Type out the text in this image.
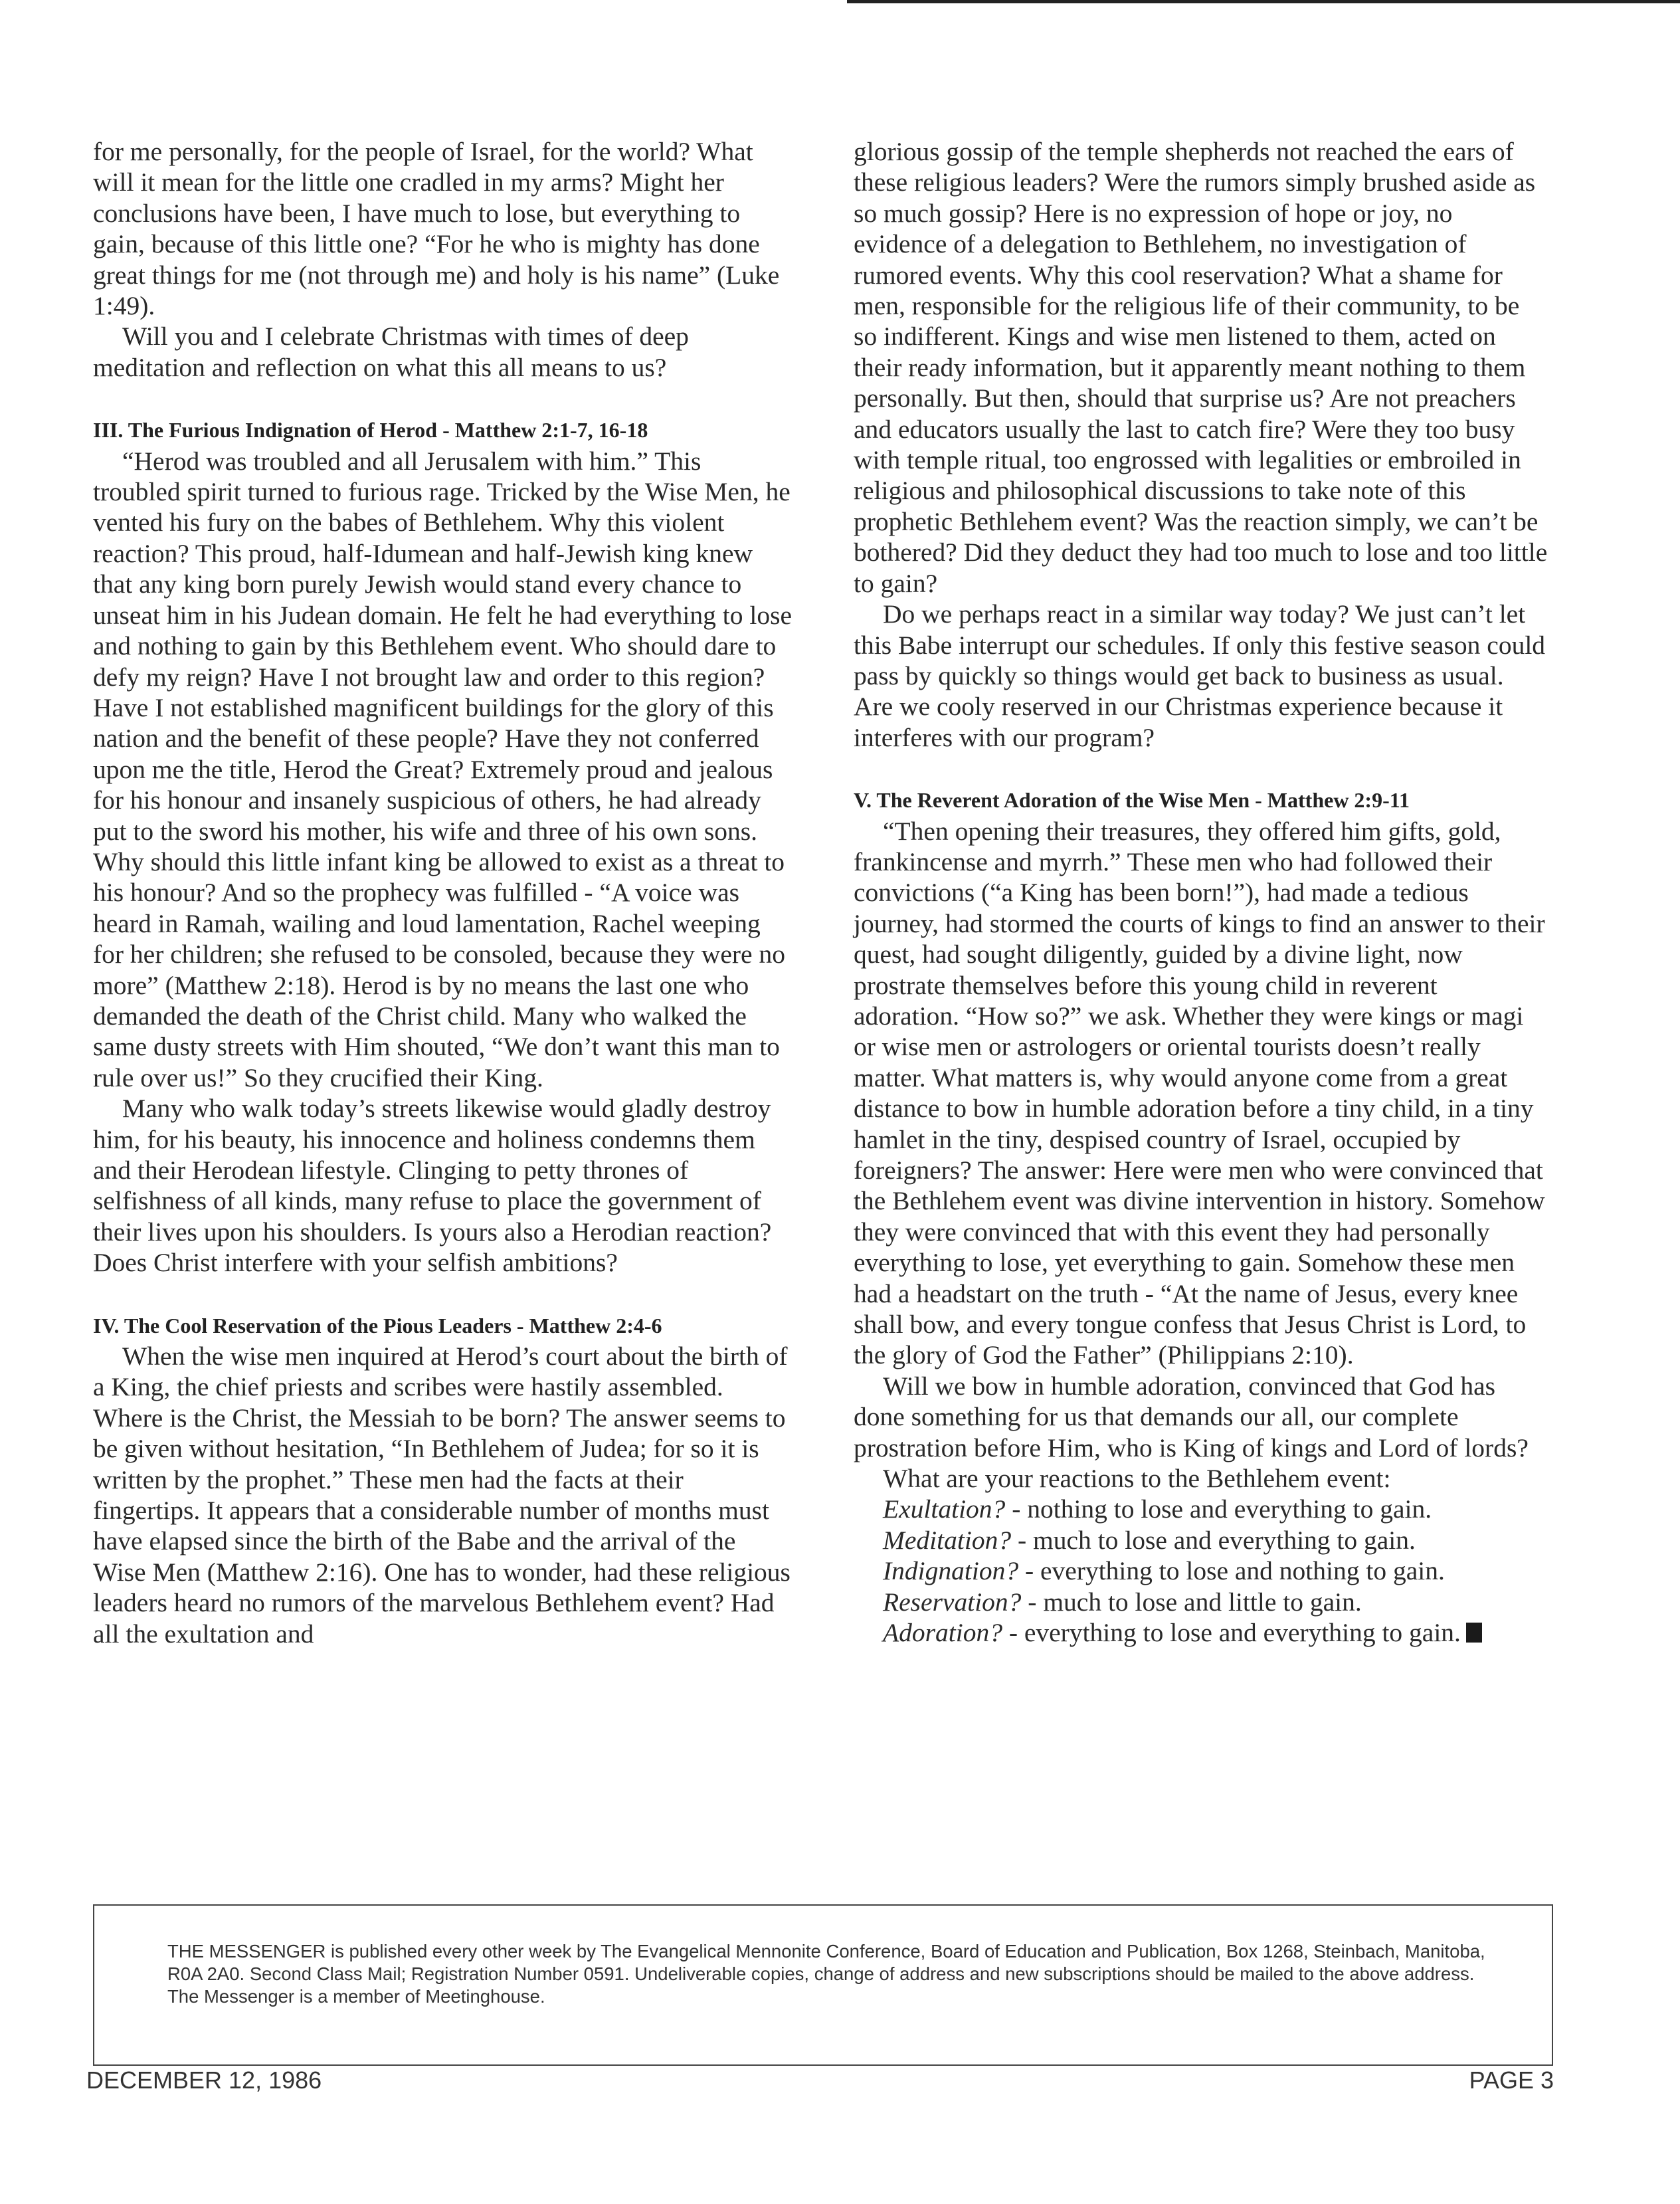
for me personally, for the people of Israel, for the world? What will it mean for the little one cradled in my arms? Might her conclusions have been, I have much to lose, but everything to gain, because of this little one? “For he who is mighty has done great things for me (not through me) and holy is his name” (Luke 1:49).

Will you and I celebrate Christmas with times of deep meditation and reflection on what this all means to us?

III. The Furious Indignation of Herod - Matthew 2:1-7, 16-18

“Herod was troubled and all Jerusalem with him.” This troubled spirit turned to furious rage. Tricked by the Wise Men, he vented his fury on the babes of Bethlehem. Why this violent reaction? This proud, half-Idumean and half-Jewish king knew that any king born purely Jewish would stand every chance to unseat him in his Judean domain. He felt he had everything to lose and nothing to gain by this Bethlehem event. Who should dare to defy my reign? Have I not brought law and order to this region? Have I not established magnificent buildings for the glory of this nation and the benefit of these people? Have they not conferred upon me the title, Herod the Great? Extremely proud and jealous for his honour and insanely suspicious of others, he had already put to the sword his mother, his wife and three of his own sons. Why should this little infant king be allowed to exist as a threat to his honour? And so the prophecy was fulfilled - “A voice was heard in Ramah, wailing and loud lamentation, Rachel weeping for her children; she refused to be consoled, because they were no more” (Matthew 2:18). Herod is by no means the last one who demanded the death of the Christ child. Many who walked the same dusty streets with Him shouted, “We don’t want this man to rule over us!” So they crucified their King.

Many who walk today’s streets likewise would gladly destroy him, for his beauty, his innocence and holiness condemns them and their Herodean lifestyle. Clinging to petty thrones of selfishness of all kinds, many refuse to place the government of their lives upon his shoulders. Is yours also a Herodian reaction? Does Christ interfere with your selfish ambitions?

IV. The Cool Reservation of the Pious Leaders - Matthew 2:4-6

When the wise men inquired at Herod’s court about the birth of a King, the chief priests and scribes were hastily assembled. Where is the Christ, the Messiah to be born? The answer seems to be given without hesitation, “In Bethlehem of Judea; for so it is written by the prophet.” These men had the facts at their fingertips. It appears that a considerable number of months must have elapsed since the birth of the Babe and the arrival of the Wise Men (Matthew 2:16). One has to wonder, had these religious leaders heard no rumors of the marvelous Bethlehem event? Had all the exultation and

glorious gossip of the temple shepherds not reached the ears of these religious leaders? Were the rumors simply brushed aside as so much gossip? Here is no expression of hope or joy, no evidence of a delegation to Bethlehem, no investigation of rumored events. Why this cool reservation? What a shame for men, responsible for the religious life of their community, to be so indifferent. Kings and wise men listened to them, acted on their ready information, but it apparently meant nothing to them personally. But then, should that surprise us? Are not preachers and educators usually the last to catch fire? Were they too busy with temple ritual, too engrossed with legalities or embroiled in religious and philosophical discussions to take note of this prophetic Bethlehem event? Was the reaction simply, we can’t be bothered? Did they deduct they had too much to lose and too little to gain?

Do we perhaps react in a similar way today? We just can’t let this Babe interrupt our schedules. If only this festive season could pass by quickly so things would get back to business as usual. Are we cooly reserved in our Christmas experience because it interferes with our program?

V. The Reverent Adoration of the Wise Men - Matthew 2:9-11

“Then opening their treasures, they offered him gifts, gold, frankincense and myrrh.” These men who had followed their convictions (“a King has been born!”), had made a tedious journey, had stormed the courts of kings to find an answer to their quest, had sought diligently, guided by a divine light, now prostrate themselves before this young child in reverent adoration. “How so?” we ask. Whether they were kings or magi or wise men or astrologers or oriental tourists doesn’t really matter. What matters is, why would anyone come from a great distance to bow in humble adoration before a tiny child, in a tiny hamlet in the tiny, despised country of Israel, occupied by foreigners? The answer: Here were men who were convinced that the Bethlehem event was divine intervention in history. Somehow they were convinced that with this event they had personally everything to lose, yet everything to gain. Somehow these men had a headstart on the truth - “At the name of Jesus, every knee shall bow, and every tongue confess that Jesus Christ is Lord, to the glory of God the Father” (Philippians 2:10).

Will we bow in humble adoration, convinced that God has done something for us that demands our all, our complete prostration before Him, who is King of kings and Lord of lords?

What are your reactions to the Bethlehem event:

Exultation? - nothing to lose and everything to gain.

Meditation? - much to lose and everything to gain.

Indignation? - everything to lose and nothing to gain.

Reservation? - much to lose and little to gain.

Adoration? - everything to lose and everything to gain.

THE MESSENGER is published every other week by The Evangelical Mennonite Conference, Board of Education and Publication, Box 1268, Steinbach, Manitoba, R0A 2A0. Second Class Mail; Registration Number 0591. Undeliverable copies, change of address and new subscriptions should be mailed to the above address. The Messenger is a member of Meetinghouse.
DECEMBER 12, 1986	PAGE 3
